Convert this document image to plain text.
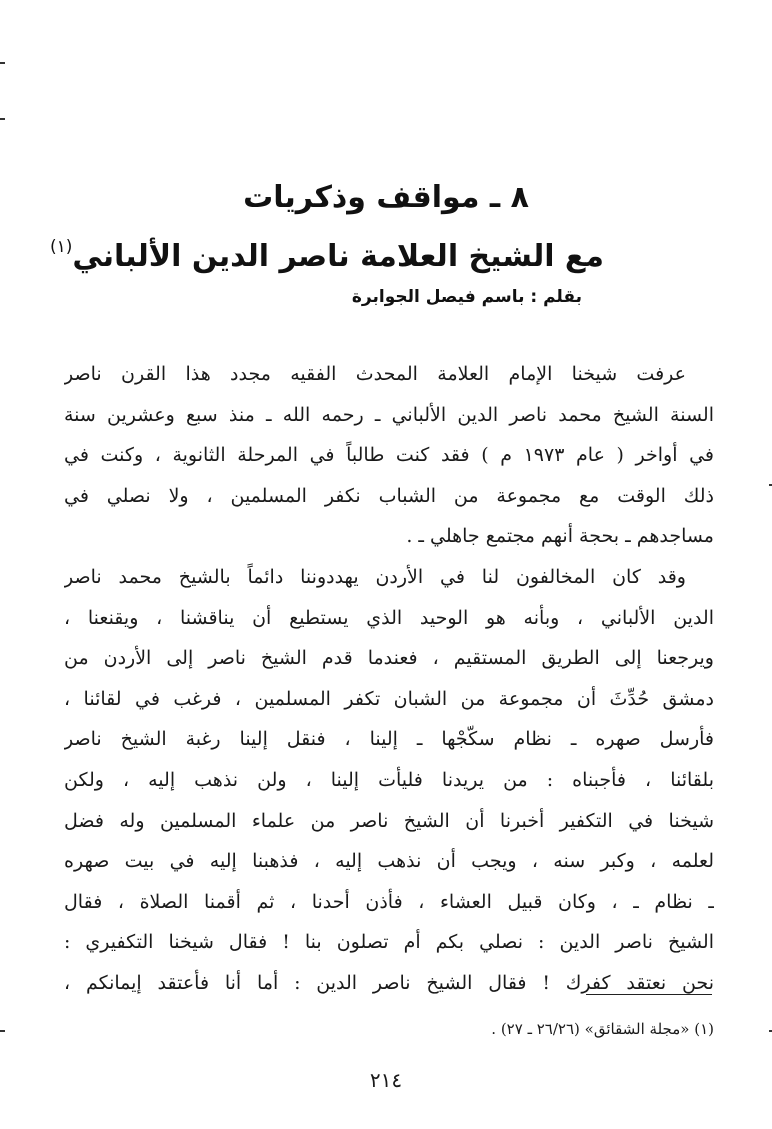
٨ ـ مواقف وذكريات
مع الشيخ العلامة ناصر الدين الألباني$^{(١)}$
بقلم : باسم فيصل الجوابرة
عرفت شيخنا الإمام العلامة المحدث الفقيه مجدد هذا القرن ناصر
السنة الشيخ محمد ناصر الدين الألباني ـ رحمه الله ـ منذ سبع وعشرين سنة
في أواخر ( عام ١٩٧٣ م ) فقد كنت طالباً في المرحلة الثانوية ، وكنت في
ذلك الوقت مع مجموعة من الشباب نكفر المسلمين ، ولا نصلي في
مساجدهم ـ بحجة أنهم مجتمع جاهلي ـ .
وقد كان المخالفون لنا في الأردن يهددوننا دائماً بالشيخ محمد ناصر
الدين الألباني ، وبأنه هو الوحيد الذي يستطيع أن يناقشنا ، ويقنعنا ،
ويرجعنا إلى الطريق المستقيم ، فعندما قدم الشيخ ناصر إلى الأردن من
دمشق حُدِّثَ أن مجموعة من الشبان تكفر المسلمين ، فرغب في لقائنا ،
فأرسل صهره ـ نظام سكّجْها ـ إلينا ، فنقل إلينا رغبة الشيخ ناصر
بلقائنا ، فأجبناه : من يريدنا فليأت إلينا ، ولن نذهب إليه ، ولكن
شيخنا في التكفير أخبرنا أن الشيخ ناصر من علماء المسلمين وله فضل
لعلمه ، وكبر سنه ، ويجب أن نذهب إليه ، فذهبنا إليه في بيت صهره
ـ نظام ـ ، وكان قبيل العشاء ، فأذن أحدنا ، ثم أقمنا الصلاة ، فقال
الشيخ ناصر الدين : نصلي بكم أم تصلون بنا ! فقال شيخنا التكفيري :
نحن نعتقد كفرك ! فقال الشيخ ناصر الدين : أما أنا فأعتقد إيمانكم ،
(١) «مجلة الشقائق» (٢٦/٢٦ ـ ٢٧) .
٢١٤
